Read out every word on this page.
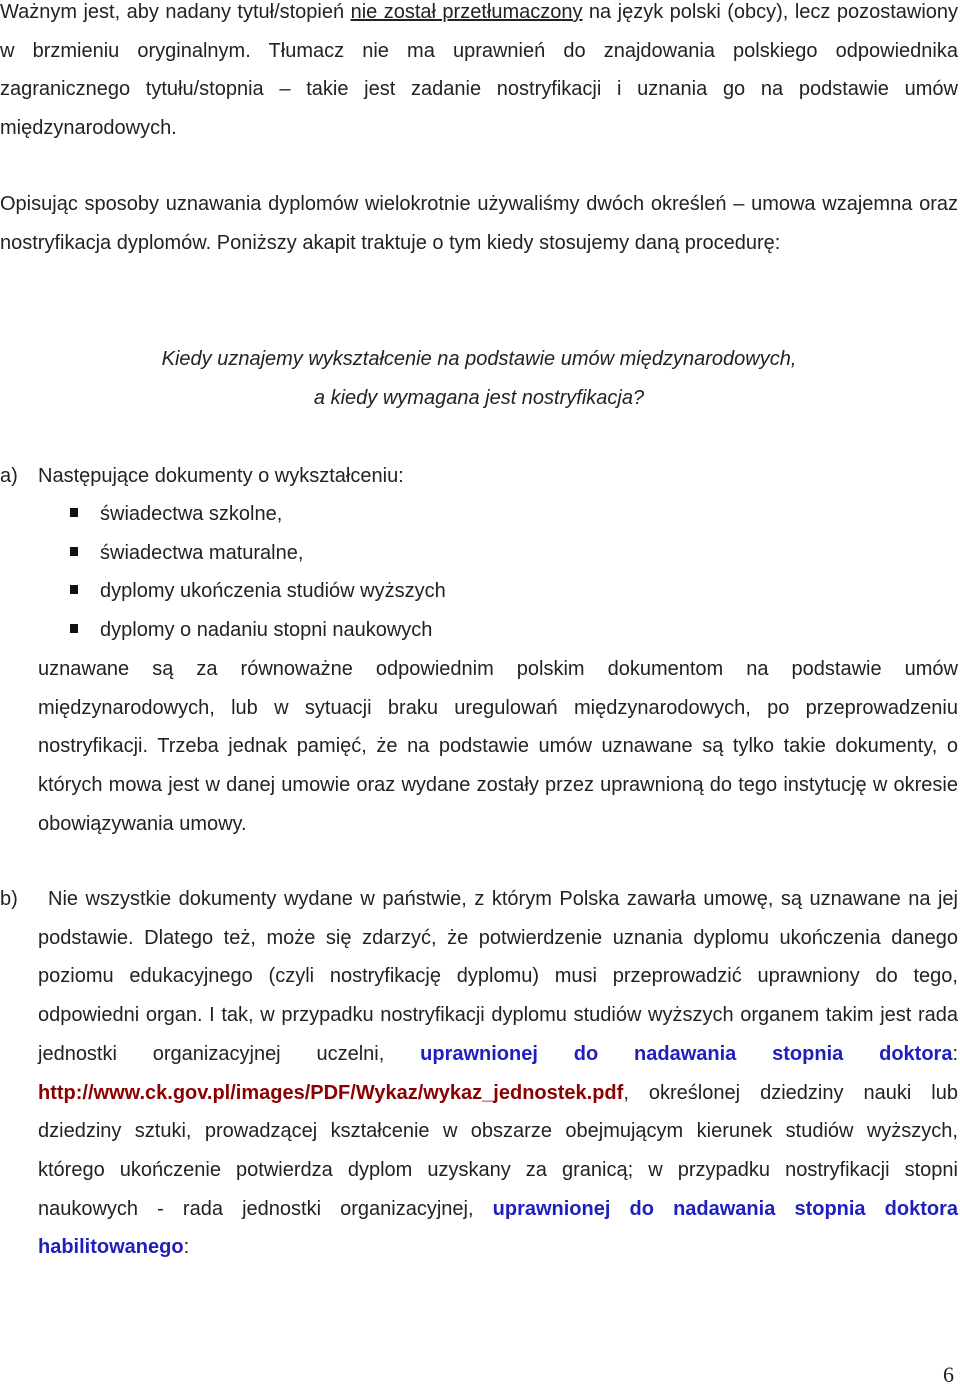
Ważnym jest, aby nadany tytuł/stopień nie został przetłumaczony na język polski (obcy), lecz pozostawiony w brzmieniu oryginalnym. Tłumacz nie ma uprawnień do znajdowania polskiego odpowiednika zagranicznego tytułu/stopnia – takie jest zadanie nostryfikacji i uznania go na podstawie umów międzynarodowych.

Opisując sposoby uznawania dyplomów wielokrotnie używaliśmy dwóch określeń – umowa wzajemna oraz nostryfikacja dyplomów. Poniższy akapit traktuje o tym kiedy stosujemy daną procedurę:

Kiedy uznajemy wykształcenie na podstawie umów międzynarodowych,

a kiedy wymagana jest nostryfikacja?

a) Następujące dokumenty o wykształceniu:
świadectwa szkolne,
świadectwa maturalne,
dyplomy ukończenia studiów wyższych
dyplomy o nadaniu stopni naukowych

uznawane są za równoważne odpowiednim polskim dokumentom na podstawie umów międzynarodowych, lub w sytuacji braku uregulowań międzynarodowych, po przeprowadzeniu nostryfikacji. Trzeba jednak pamięć, że na podstawie umów uznawane są tylko takie dokumenty, o których mowa jest w danej umowie oraz wydane zostały przez uprawnioną do tego instytucję w okresie obowiązywania umowy.

b)	Nie wszystkie dokumenty wydane w państwie, z którym Polska zawarła umowę, są uznawane na jej podstawie. Dlatego też, może się zdarzyć, że potwierdzenie uznania dyplomu ukończenia danego poziomu edukacyjnego (czyli nostryfikację dyplomu) musi przeprowadzić uprawniony do tego, odpowiedni organ. I tak, w przypadku nostryfikacji dyplomu studiów wyższych organem takim jest rada jednostki organizacyjnej uczelni, uprawnionej do nadawania stopnia doktora: http://www.ck.gov.pl/images/PDF/Wykaz/wykaz_jednostek.pdf, określonej dziedziny nauki lub dziedziny sztuki, prowadzącej kształcenie w obszarze obejmującym kierunek studiów wyższych, którego ukończenie potwierdza dyplom uzyskany za granicą; w przypadku nostryfikacji stopni naukowych - rada jednostki organizacyjnej, uprawnionej do nadawania stopnia doktora habilitowanego:

6
